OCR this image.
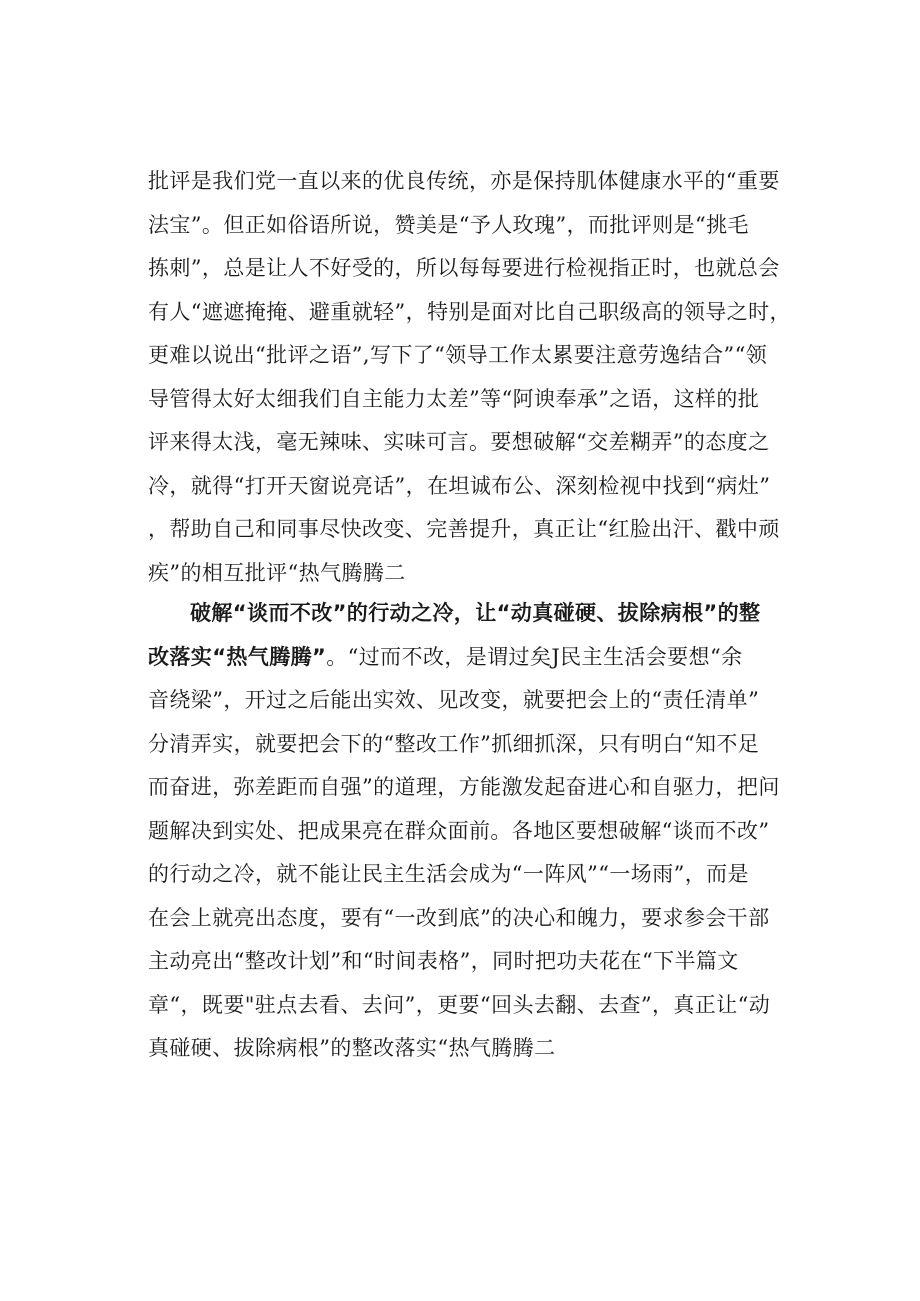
批评是我们党一直以来的优良传统，亦是保持肌体健康水平的“重要
法宝”。但正如俗语所说，赞美是“予人玫瑰”，而批评则是“挑毛
拣刺”，总是让人不好受的，所以每每要进行检视指正时，也就总会
有人“遮遮掩掩、避重就轻”，特别是面对比自己职级高的领导之时，
更难以说出“批评之语”,写下了“领导工作太累要注意劳逸结合”“领
导管得太好太细我们自主能力太差”等“阿谀奉承”之语，这样的批
评来得太浅，毫无辣味、实味可言。要想破解“交差糊弄”的态度之
冷，就得“打开天窗说亮话”，在坦诚布公、深刻检视中找到“病灶”
，帮助自己和同事尽快改变、完善提升，真正让“红脸出汗、戳中顽
疾”的相互批评“热气腾腾二
破解“谈而不改”的行动之冷，让“动真碰硬、拔除病根”的整
改落实“热气腾腾”。“过而不改，是谓过矣J民主生活会要想“余
音绕梁”，开过之后能出实效、见改变，就要把会上的“责任清单”
分清弄实，就要把会下的“整改工作”抓细抓深，只有明白“知不足
而奋进，弥差距而自强”的道理，方能激发起奋进心和自驱力，把问
题解决到实处、把成果亮在群众面前。各地区要想破解“谈而不改”
的行动之冷，就不能让民主生活会成为“一阵风”“一场雨”，而是
在会上就亮出态度，要有“一改到底”的决心和魄力，要求参会干部
主动亮出“整改计划”和“时间表格”，同时把功夫花在“下半篇文
章“，既要"驻点去看、去问”，更要“回头去翻、去查”，真正让“动
真碰硬、拔除病根”的整改落实“热气腾腾二
